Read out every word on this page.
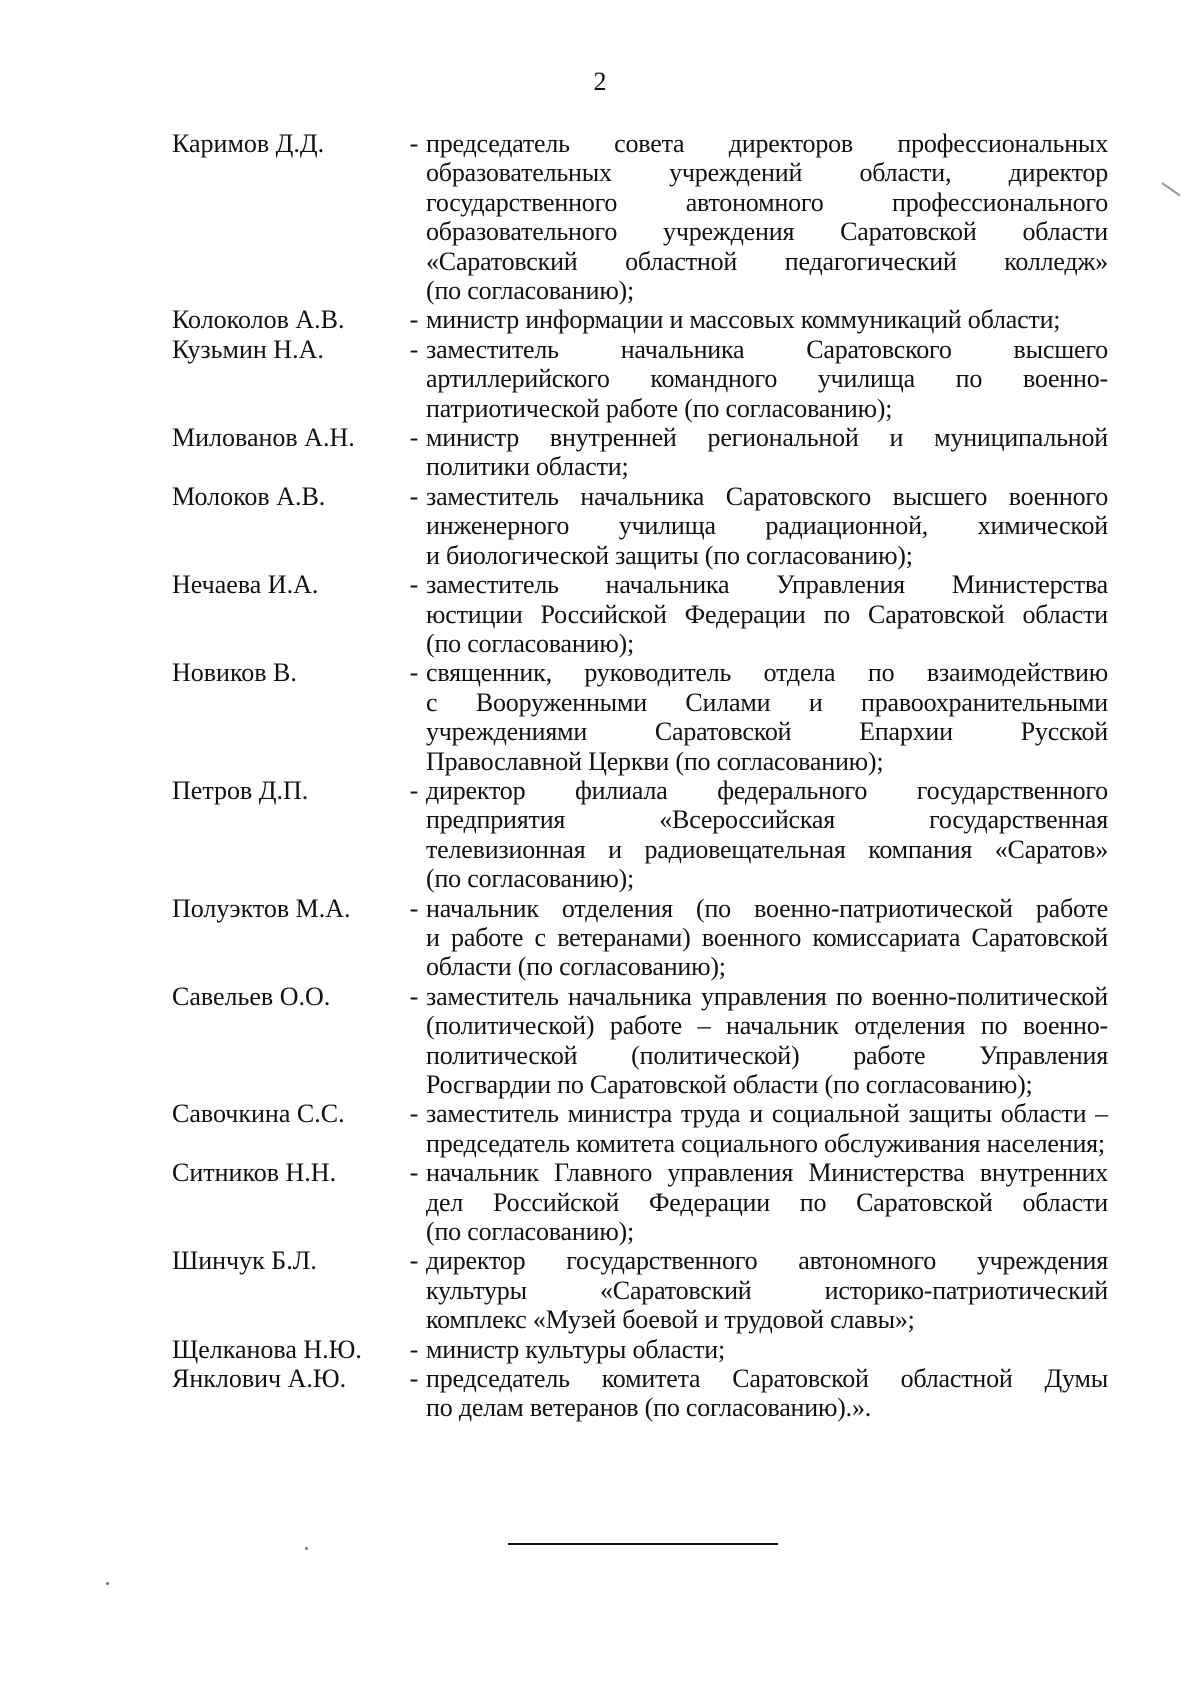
2
Каримов Д.Д.	- председатель совета директоров профессиональных
образовательных учреждений области, директор
государственного автономного профессионального
образовательного учреждения Саратовской области
«Саратовский областной педагогический колледж»
(по согласованию);
Колоколов А.В.	- министр информации и массовых коммуникаций области;
Кузьмин Н.А.	- заместитель начальника Саратовского высшего
артиллерийского командного училища по военно-
патриотической работе (по согласованию);
Милованов А.Н.	- министр внутренней региональной и муниципальной
политики области;
Молоков А.В.	- заместитель начальника Саратовского высшего военного
инженерного училища радиационной, химической
и биологической защиты (по согласованию);
Нечаева И.А.	- заместитель начальника Управления Министерства
юстиции Российской Федерации по Саратовской области
(по согласованию);
Новиков В.	- священник, руководитель отдела по взаимодействию
с Вооруженными Силами и правоохранительными
учреждениями Саратовской Епархии Русской
Православной Церкви (по согласованию);
Петров Д.П.	- директор филиала федерального государственного
предприятия «Всероссийская государственная
телевизионная и радиовещательная компания «Саратов»
(по согласованию);
Полуэктов М.А.	- начальник отделения (по военно-патриотической работе
и работе с ветеранами) военного комиссариата Саратовской
области (по согласованию);
Савельев О.О.	- заместитель начальника управления по военно-политической
(политической) работе – начальник отделения по военно-
политической (политической) работе Управления
Росгвардии по Саратовской области (по согласованию);
Савочкина С.С.	- заместитель министра труда и социальной защиты области –
председатель комитета социального обслуживания населения;
Ситников Н.Н.	- начальник Главного управления Министерства внутренних
дел Российской Федерации по Саратовской области
(по согласованию);
Шинчук Б.Л.	- директор государственного автономного учреждения
культуры «Саратовский историко-патриотический
комплекс «Музей боевой и трудовой славы»;
Щелканова Н.Ю.	- министр культуры области;
Янклович А.Ю.	- председатель комитета Саратовской областной Думы
по делам ветеранов (по согласованию).».
